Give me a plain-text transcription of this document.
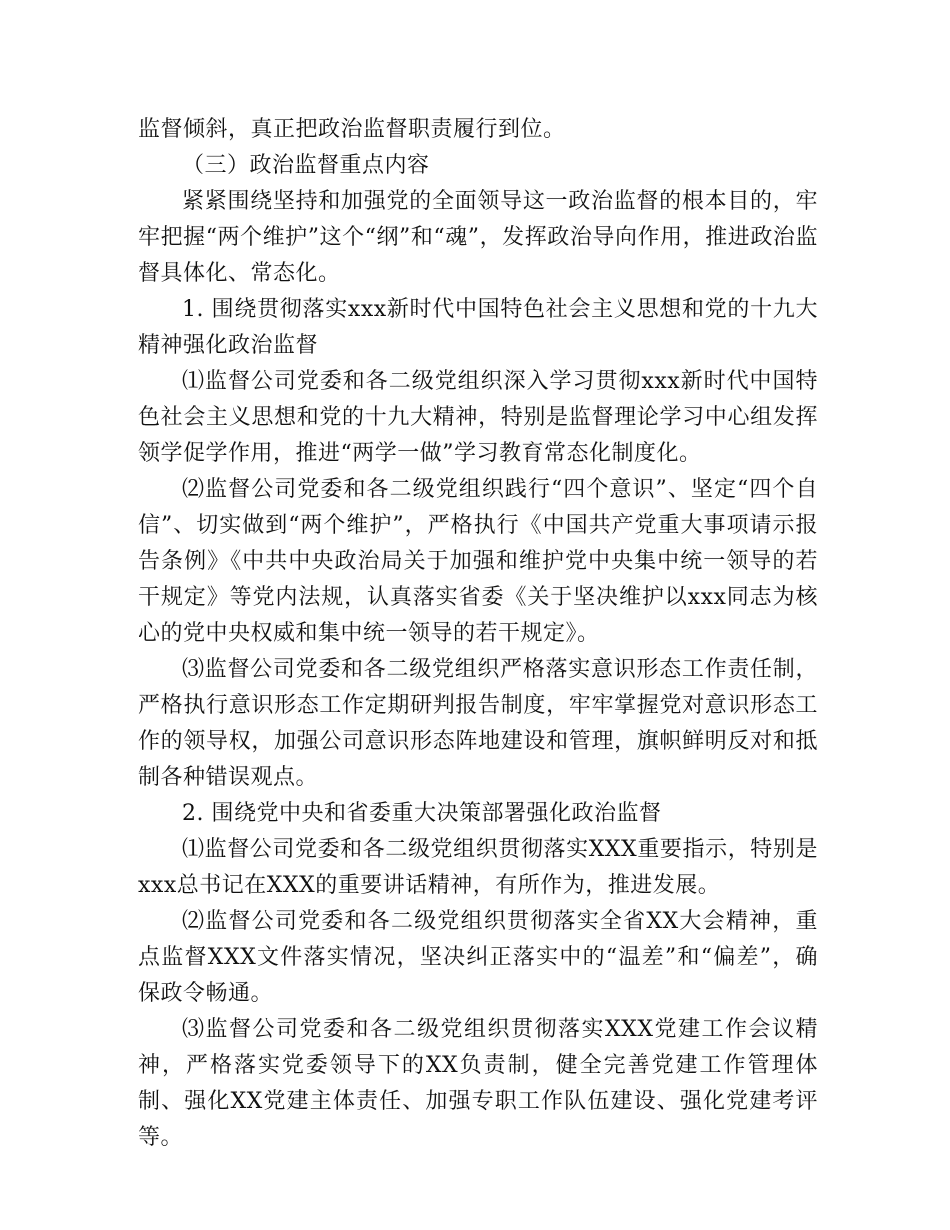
监督倾斜，真正把政治监督职责履行到位。

（三）政治监督重点内容

紧紧围绕坚持和加强党的全面领导这一政治监督的根本目的，牢牢把握“两个维护”这个“纲”和“魂”，发挥政治导向作用，推进政治监督具体化、常态化。

1. 围绕贯彻落实xxx新时代中国特色社会主义思想和党的十九大精神强化政治监督

⑴监督公司党委和各二级党组织深入学习贯彻xxx新时代中国特色社会主义思想和党的十九大精神，特别是监督理论学习中心组发挥领学促学作用，推进“两学一做”学习教育常态化制度化。

⑵监督公司党委和各二级党组织践行“四个意识”、坚定“四个自信”、切实做到“两个维护”，严格执行《中国共产党重大事项请示报告条例》《中共中央政治局关于加强和维护党中央集中统一领导的若干规定》等党内法规，认真落实省委《关于坚决维护以xxx同志为核心的党中央权威和集中统一领导的若干规定》。

⑶监督公司党委和各二级党组织严格落实意识形态工作责任制，严格执行意识形态工作定期研判报告制度，牢牢掌握党对意识形态工作的领导权，加强公司意识形态阵地建设和管理，旗帜鲜明反对和抵制各种错误观点。

2. 围绕党中央和省委重大决策部署强化政治监督

⑴监督公司党委和各二级党组织贯彻落实XXX重要指示，特别是xxx总书记在XXX的重要讲话精神，有所作为，推进发展。

⑵监督公司党委和各二级党组织贯彻落实全省XX大会精神，重点监督XXX文件落实情况，坚决纠正落实中的“温差”和“偏差”，确保政令畅通。

⑶监督公司党委和各二级党组织贯彻落实XXX党建工作会议精神，严格落实党委领导下的XX负责制，健全完善党建工作管理体制、强化XX党建主体责任、加强专职工作队伍建设、强化党建考评等。
